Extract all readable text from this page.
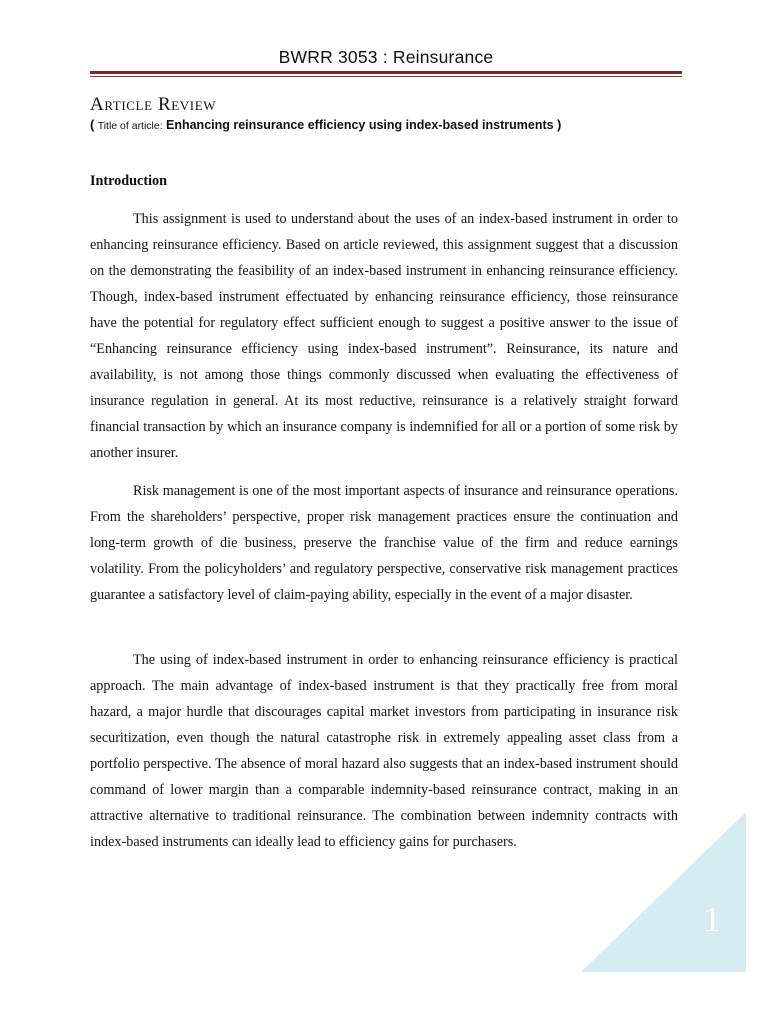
BWRR 3053 : Reinsurance
Article Review
( Title of article: Enhancing reinsurance efficiency using index-based instruments )
Introduction

This assignment is used to understand about the uses of an index-based instrument in order to enhancing reinsurance efficiency. Based on article reviewed, this assignment suggest that a discussion on the demonstrating the feasibility of an index-based instrument in enhancing reinsurance efficiency. Though, index-based instrument effectuated by enhancing reinsurance efficiency, those reinsurance have the potential for regulatory effect sufficient enough to suggest a positive answer to the issue of “Enhancing reinsurance efficiency using index-based instrument”. Reinsurance, its nature and availability, is not among those things commonly discussed when evaluating the effectiveness of insurance regulation in general. At its most reductive, reinsurance is a relatively straight forward financial transaction by which an insurance company is indemnified for all or a portion of some risk by another insurer.

Risk management is one of the most important aspects of insurance and reinsurance operations. From the shareholders’ perspective, proper risk management practices ensure the continuation and long-term growth of die business, preserve the franchise value of the firm and reduce earnings volatility. From the policyholders’ and regulatory perspective, conservative risk management practices guarantee a satisfactory level of claim-paying ability, especially in the event of a major disaster.

The using of index-based instrument in order to enhancing reinsurance efficiency is practical approach. The main advantage of index-based instrument is that they practically free from moral hazard, a major hurdle that discourages capital market investors from participating in insurance risk securitization, even though the natural catastrophe risk in extremely appealing asset class from a portfolio perspective. The absence of moral hazard also suggests that an index-based instrument should command of lower margin than a comparable indemnity-based reinsurance contract, making in an attractive alternative to traditional reinsurance. The combination between indemnity contracts with index-based instruments can ideally lead to efficiency gains for purchasers.

1
